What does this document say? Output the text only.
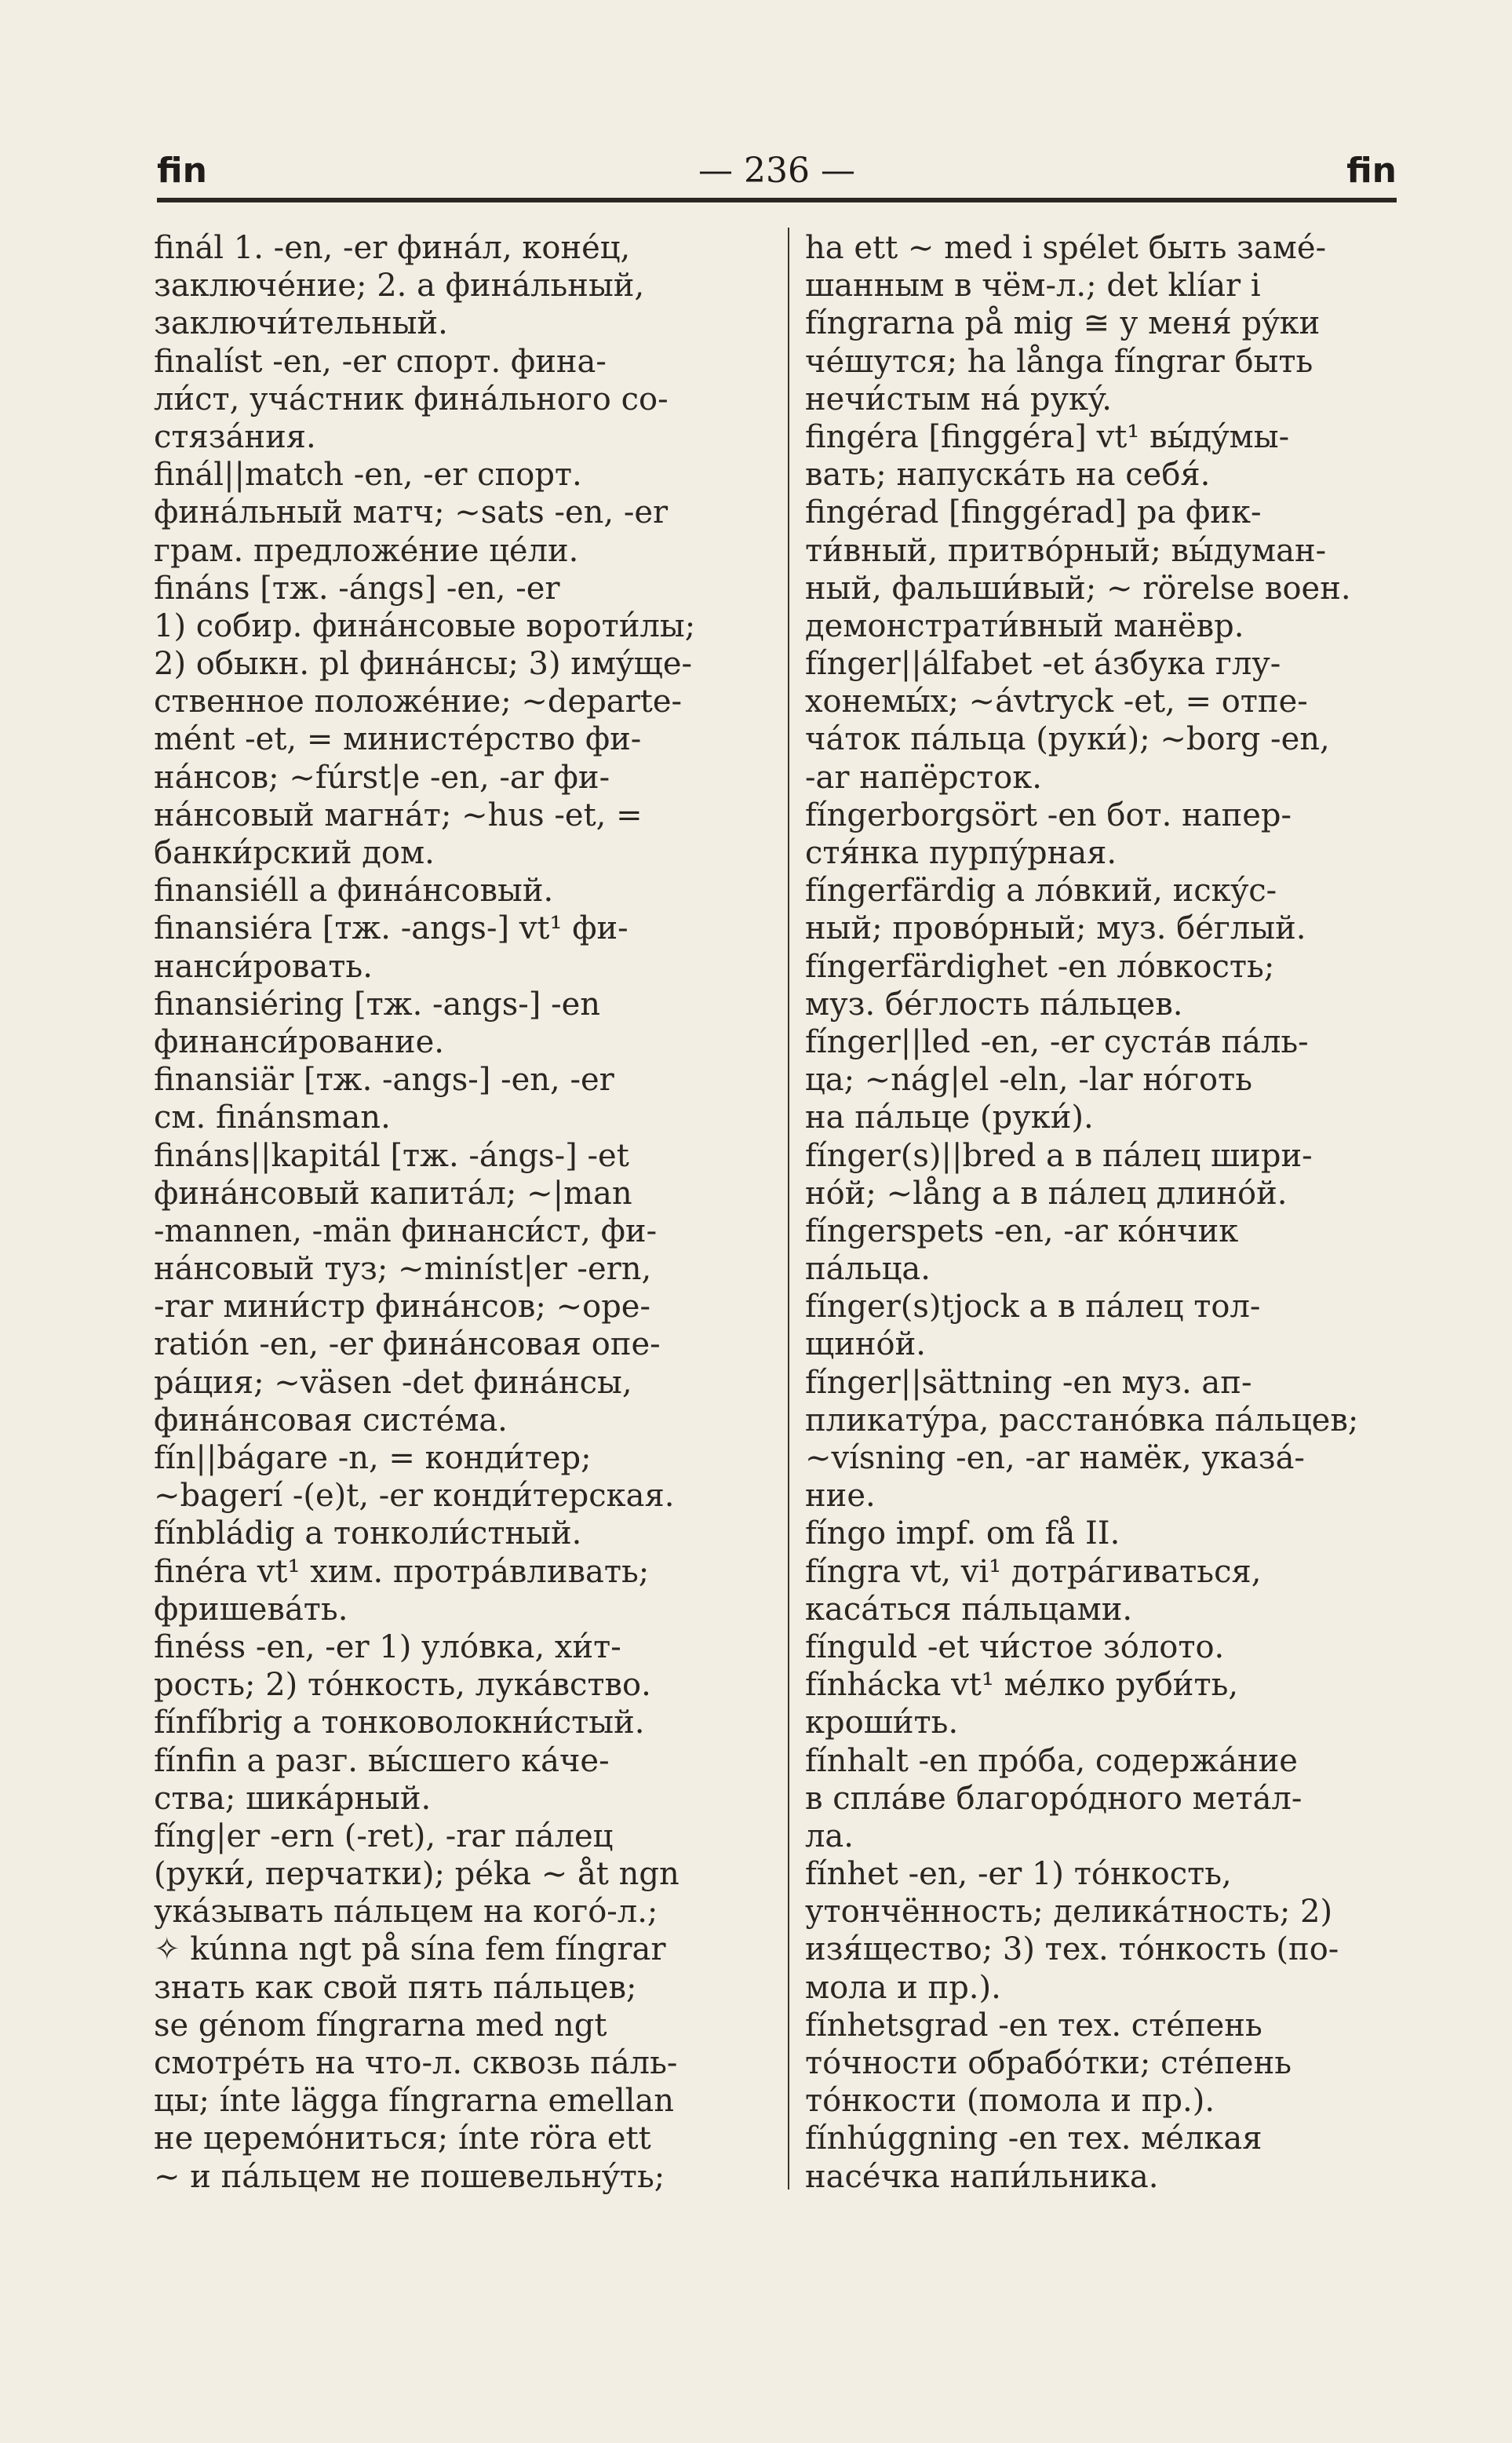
fin	— 236 —	fin
finál 1. -en, -er финáл, конéц,
заключéние; 2. a финáльный,
заключи́тельный.
finalíst -en, -er спорт. фина-
ли́ст, учáстник финáльного со-
стязáния.
finál||match -en, -er спорт.
финáльный матч; ~sats -en, -er
грам. предложéние цéли.
fináns [тж. -ángs] -en, -er
1) собир. финáнсовые вороти́лы;
2) обыкн. pl финáнсы; 3) имýще-
ственное положéние; ~departe-
mént -et, = министéрство фи-
нáнсов; ~fúrst|e -en, -ar фи-
нáнсовый магнáт; ~hus -et, =
банки́рский дом.
finansiéll a финáнсовый.
finansiéra [тж. -angs-] vt¹ фи-
нанси́ровать.
finansiéring [тж. -angs-] -en
финанси́рование.
finansiär [тж. -angs-] -en, -er
см. finánsman.
fináns||kapitál [тж. -ángs-] -et
финáнсовый капитáл; ~|man
-mannen, -män финанси́ст, фи-
нáнсовый туз; ~miníst|er -ern,
-rar мини́стр финáнсов; ~ope-
ratión -en, -er финáнсовая опе-
рáция; ~väsen -det финáнсы,
финáнсовая систéма.
fín||bágare -n, = конди́тер;
~bagerí -(e)t, -er конди́терская.
fínbládig a тонколи́стный.
finéra vt¹ хим. протрáвливать;
фришевáть.
finéss -en, -er 1) улóвка, хи́т-
рость; 2) тóнкость, лукáвство.
fínfíbrig a тонковолокни́стый.
fínfin a разг. вы́сшего кáче-
ства; шикáрный.
fíng|er -ern (-ret), -rar пáлец
(руки́, перчатки); péka ~ åt ngn
укáзывать пáльцем на когó-л.;
✧ kúnna ngt på sína fem fíngrar
знать как свой пять пáльцев;
se génom fíngrarna med ngt
смотрéть на что-л. сквозь пáль-
цы; ínte lägga fíngrarna emellan
не церемóниться; ínte röra ett
~ и пáльцем не пошевельнýть;
ha ett ~ med i spélet быть замé-
шанным в чём-л.; det klíar i
fíngrarna på mig ≅ у меня́ рýки
чéшутся; ha långa fíngrar быть
нечи́стым нá рукý.
fingéra [finggéra] vt¹ вы́дýмы-
вать; напускáть на себя́.
fingérad [finggérad] pa фик-
ти́вный, притвóрный; вы́думан-
ный, фальши́вый; ~ rörelse воен.
демонстрати́вный манёвр.
fínger||álfabet -et áзбука глу-
хонемы́х; ~ávtryck -et, = отпе-
чáток пáльца (руки́); ~borg -en,
-ar напёрсток.
fíngerborgsört -en бот. напер-
стя́нка пурпýрная.
fíngerfärdig a лóвкий, искýс-
ный; провóрный; муз. бéглый.
fíngerfärdighet -en лóвкость;
муз. бéглость пáльцев.
fínger||led -en, -er сустáв пáль-
ца; ~nág|el -eln, -lar нóготь
на пáльце (руки́).
fínger(s)||bred a в пáлец шири-
нóй; ~lång a в пáлец длинóй.
fíngerspets -en, -ar кóнчик
пáльца.
fínger(s)tjock a в пáлец тол-
щинóй.
fínger||sättning -en муз. ап-
пликатýра, расстанóвка пáльцев;
~vísning -en, -ar намёк, указá-
ние.
fíngo impf. om få II.
fíngra vt, vi¹ дотрáгиваться,
касáться пáльцами.
fínguld -et чи́стое зóлото.
fínhácka vt¹ мéлко руби́ть,
кроши́ть.
fínhalt -en прóба, содержáние
в сплáве благорóдного метáл-
ла.
fínhet -en, -er 1) тóнкость,
утончённость; деликáтность; 2)
изя́щество; 3) тех. тóнкость (по-
мола и пр.).
fínhetsgrad -en тех. стéпень
тóчности обрабóтки; стéпень
тóнкости (помола и пр.).
fínhúggning -en тех. мéлкая
насéчка напи́льника.
